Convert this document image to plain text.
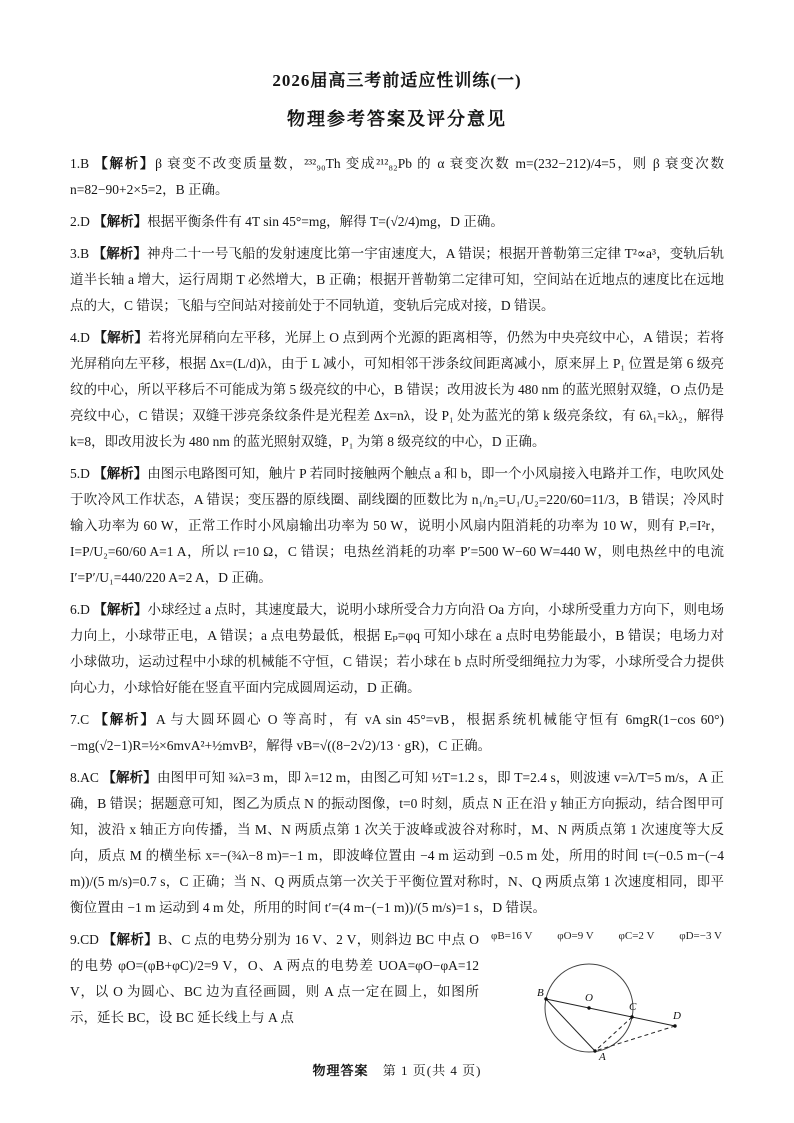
2026届高三考前适应性训练(一)
物理参考答案及评分意见

1.B 【解析】β 衰变不改变质量数，²³²₉₀Th 变成²¹²₈₂Pb 的 α 衰变次数 m=(232−212)/4=5，则 β 衰变次数 n=82−90+2×5=2，B 正确。

2.D 【解析】根据平衡条件有 4T sin 45°=mg，解得 T=(√2/4)mg，D 正确。

3.B 【解析】神舟二十一号飞船的发射速度比第一宇宙速度大，A 错误；根据开普勒第三定律 T²∝a³，变轨后轨道半长轴 a 增大，运行周期 T 必然增大，B 正确；根据开普勒第二定律可知，空间站在近地点的速度比在远地点的大，C 错误；飞船与空间站对接前处于不同轨道，变轨后完成对接，D 错误。

4.D 【解析】若将光屏稍向左平移，光屏上 O 点到两个光源的距离相等，仍然为中央亮纹中心，A 错误；若将光屏稍向左平移，根据 Δx=(L/d)λ，由于 L 减小，可知相邻干涉条纹间距离减小，原来屏上 P₁ 位置是第 6 级亮纹的中心，所以平移后不可能成为第 5 级亮纹的中心，B 错误；改用波长为 480 nm 的蓝光照射双缝，O 点仍是亮纹中心，C 错误；双缝干涉亮条纹条件是光程差 Δx=nλ，设 P₁ 处为蓝光的第 k 级亮条纹，有 6λ₁=kλ₂，解得 k=8，即改用波长为 480 nm 的蓝光照射双缝，P₁ 为第 8 级亮纹的中心，D 正确。

5.D 【解析】由图示电路图可知，触片 P 若同时接触两个触点 a 和 b，即一个小风扇接入电路并工作，电吹风处于吹冷风工作状态，A 错误；变压器的原线圈、副线圈的匝数比为 n₁/n₂=U₁/U₂=220/60=11/3，B 错误；冷风时输入功率为 60 W，正常工作时小风扇输出功率为 50 W，说明小风扇内阻消耗的功率为 10 W，则有 Pᵣ=I²r，I=P/U₂=60/60 A=1 A，所以 r=10 Ω，C 错误；电热丝消耗的功率 P′=500 W−60 W=440 W，则电热丝中的电流 I′=P′/U₁=440/220 A=2 A，D 正确。

6.D 【解析】小球经过 a 点时，其速度最大，说明小球所受合力方向沿 Oa 方向，小球所受重力方向下，则电场力向上，小球带正电，A 错误；a 点电势最低，根据 Eₚ=φq 可知小球在 a 点时电势能最小，B 错误；电场力对小球做功，运动过程中小球的机械能不守恒，C 错误；若小球在 b 点时所受细绳拉力为零，小球所受合力提供向心力，小球恰好能在竖直平面内完成圆周运动，D 正确。

7.C 【解析】A 与大圆环圆心 O 等高时，有 vA sin 45°=vB，根据系统机械能守恒有 6mgR(1−cos 60°)−mg(√2−1)R=½×6mvA²+½mvB²，解得 vB=√((8−2√2)/13 · gR)，C 正确。

8.AC 【解析】由图甲可知 ¾λ=3 m，即 λ=12 m，由图乙可知 ½T=1.2 s，即 T=2.4 s，则波速 v=λ/T=5 m/s，A 正确，B 错误；据题意可知，图乙为质点 N 的振动图像，t=0 时刻，质点 N 正在沿 y 轴正方向振动，结合图甲可知，波沿 x 轴正方向传播，当 M、N 两质点第 1 次关于波峰或波谷对称时，M、N 两质点第 1 次速度等大反向，质点 M 的横坐标 x=−(¾λ−8 m)=−1 m，即波峰位置由 −4 m 运动到 −0.5 m 处，所用的时间 t=(−0.5 m−(−4 m))/(5 m/s)=0.7 s，C 正确；当 N、Q 两质点第一次关于平衡位置对称时，N、Q 两质点第 1 次速度相同，即平衡位置由 −1 m 运动到 4 m 处，所用的时间 t′=(4 m−(−1 m))/(5 m/s)=1 s，D 错误。

φB=16 V φO=9 V φC=2 V φD=−3 V
B	O
C
D
A

9.CD 【解析】B、C 点的电势分别为 16 V、2 V，则斜边 BC 中点 O 的电势 φO=(φB+φC)/2=9 V，O、A 两点的电势差 UOA=φO−φA=12 V，以 O 为圆心、BC 边为直径画圆，则 A 点一定在圆上，如图所示，延长 BC，设 BC 延长线上与 A 点

物理答案 第 1 页(共 4 页)
